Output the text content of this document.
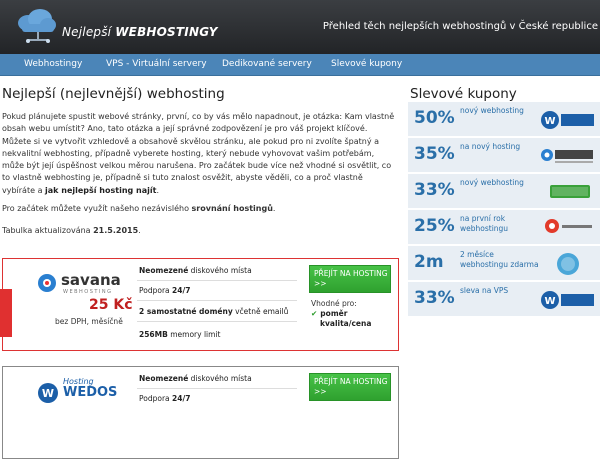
Nejlepší WEBHOSTINGY	Přehled těch nejlepších webhostingů v České republice
Webhostingy	VPS - Virtuální servery Dedikované servery Slevové kupony
Nejlepší (nejlevnější) webhosting

Pokud plánujete spustit webové stránky, první, co by vás mělo napadnout, je otázka: Kam vlastně obsah webu umístit? Ano, tato otázka a její správné zodpovězení je pro váš projekt klíčové. Můžete si ve vytvořit vzhledově a obsahově skvělou stránku, ale pokud pro ni zvolíte špatný a nekvalitní webhosting, případně vyberete hosting, který nebude vyhovovat vašim potřebám, může být její úspěšnost velkou měrou narušena. Pro začátek bude více než vhodné si osvětlit, co to vlastně webhosting je, případně si tuto znalost osvěžit, abyste věděli, co a proč vlastně vybíráte a jak nejlepší hosting najít.

Pro začátek můžete využít našeho nezávislého srovnání hostingů.

Tabulka aktualizována 21.5.2015.

savana
WEBHOSTING
25 Kč
bez DPH, měsíčně
Neomezené diskového místa
Podpora 24/7
2 samostatné domény včetně emailů
256MB memory limit
PŘEJÍT NA HOSTING
>>
Vhodné pro:
✔ poměr
kvalita/cena
W
Hosting
WEDOS
Neomezené diskového místa
Podpora 24/7
PŘEJÍT NA HOSTING
>>
Slevové kupony
50% nový webhosting
W
35% na nový hosting
33% nový webhosting
25% na první rok webhostingu
2m 2 měsíce webhostingu zdarma
33% sleva na VPS
W
